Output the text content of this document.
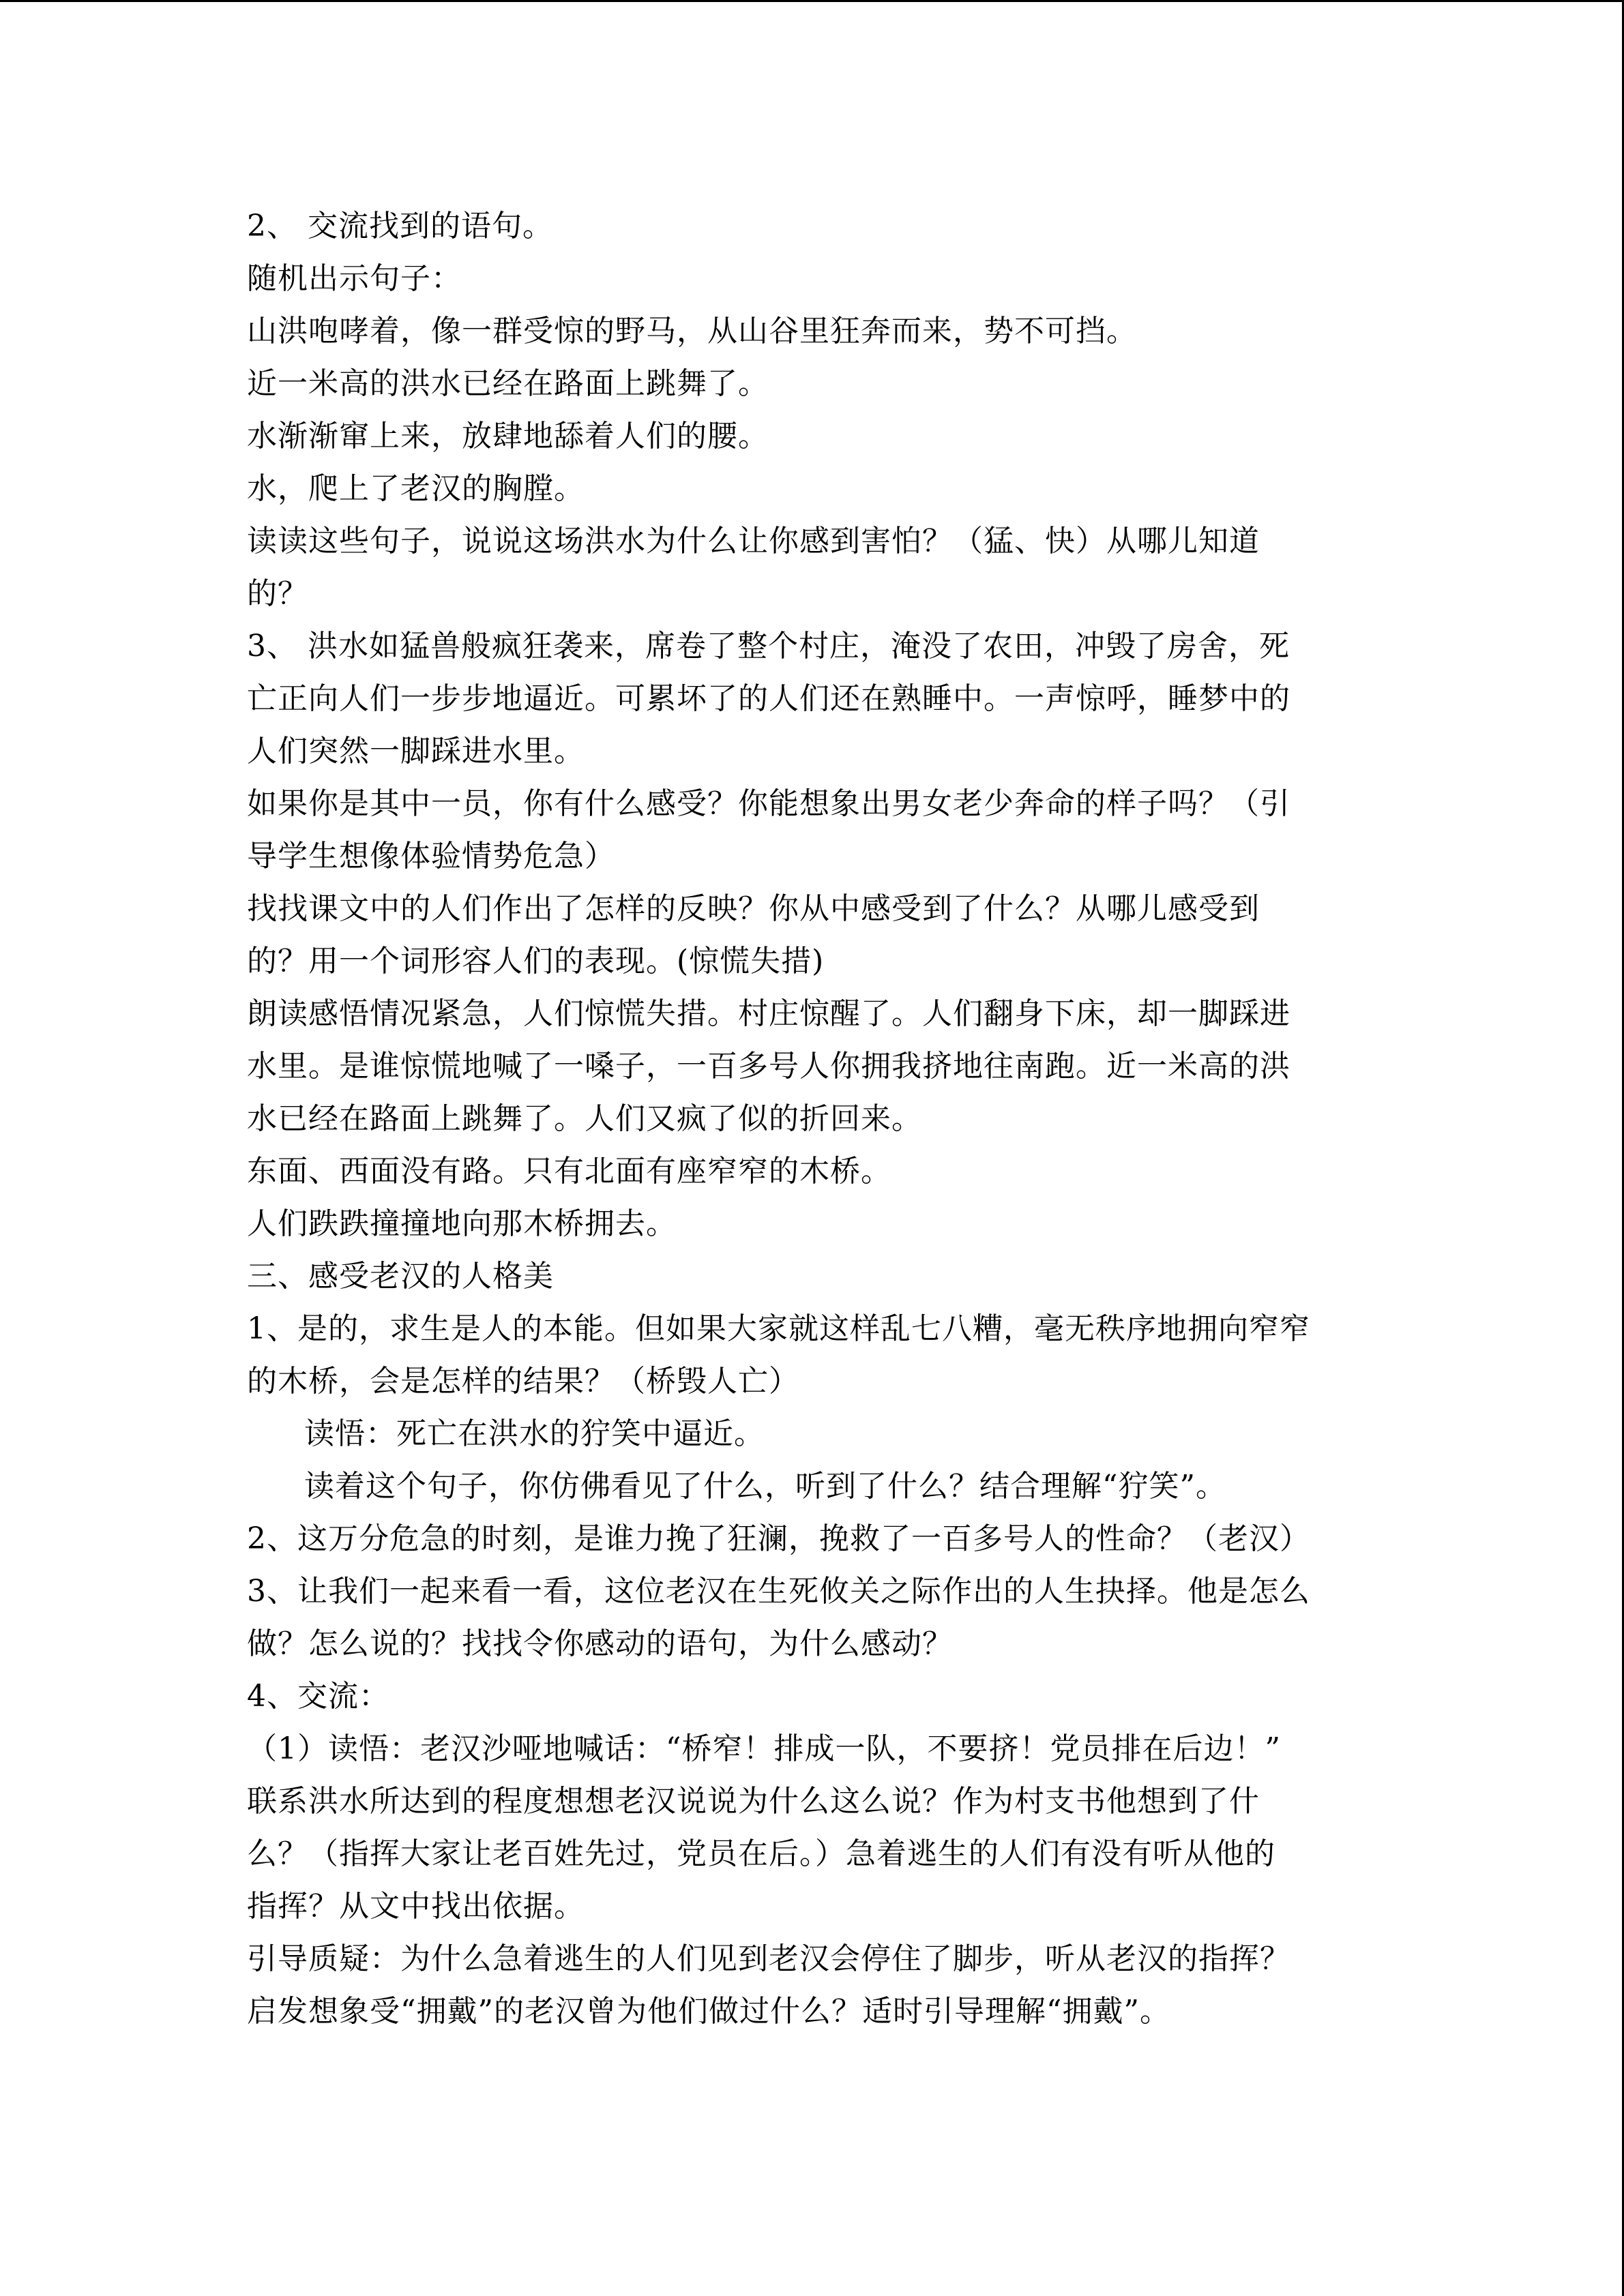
2、 交流找到的语句。
随机出示句子：
山洪咆哮着，像一群受惊的野马，从山谷里狂奔而来，势不可挡。
近一米高的洪水已经在路面上跳舞了。
水渐渐窜上来，放肆地舔着人们的腰。
水，爬上了老汉的胸膛。
读读这些句子，说说这场洪水为什么让你感到害怕？（猛、快）从哪儿知道
的？
3、 洪水如猛兽般疯狂袭来，席卷了整个村庄，淹没了农田，冲毁了房舍，死
亡正向人们一步步地逼近。可累坏了的人们还在熟睡中。一声惊呼，睡梦中的
人们突然一脚踩进水里。
如果你是其中一员，你有什么感受？你能想象出男女老少奔命的样子吗？（引
导学生想像体验情势危急）
找找课文中的人们作出了怎样的反映？你从中感受到了什么？从哪儿感受到
的？用一个词形容人们的表现。(惊慌失措)
朗读感悟情况紧急，人们惊慌失措。村庄惊醒了。人们翻身下床，却一脚踩进
水里。是谁惊慌地喊了一嗓子，一百多号人你拥我挤地往南跑。近一米高的洪
水已经在路面上跳舞了。人们又疯了似的折回来。
东面、西面没有路。只有北面有座窄窄的木桥。
人们跌跌撞撞地向那木桥拥去。
三、感受老汉的人格美
1、是的，求生是人的本能。但如果大家就这样乱七八糟，毫无秩序地拥向窄窄
的木桥，会是怎样的结果？（桥毁人亡）
读悟：死亡在洪水的狞笑中逼近。
读着这个句子，你仿佛看见了什么，听到了什么？结合理解“狞笑”。
2、这万分危急的时刻，是谁力挽了狂澜，挽救了一百多号人的性命？（老汉）
3、让我们一起来看一看，这位老汉在生死攸关之际作出的人生抉择。他是怎么
做？怎么说的？找找令你感动的语句，为什么感动？
4、交流：
（1）读悟：老汉沙哑地喊话：“桥窄！排成一队，不要挤！党员排在后边！”
联系洪水所达到的程度想想老汉说说为什么这么说？作为村支书他想到了什
么？（指挥大家让老百姓先过，党员在后。）急着逃生的人们有没有听从他的
指挥？从文中找出依据。
引导质疑：为什么急着逃生的人们见到老汉会停住了脚步，听从老汉的指挥？
启发想象受“拥戴”的老汉曾为他们做过什么？适时引导理解“拥戴”。
